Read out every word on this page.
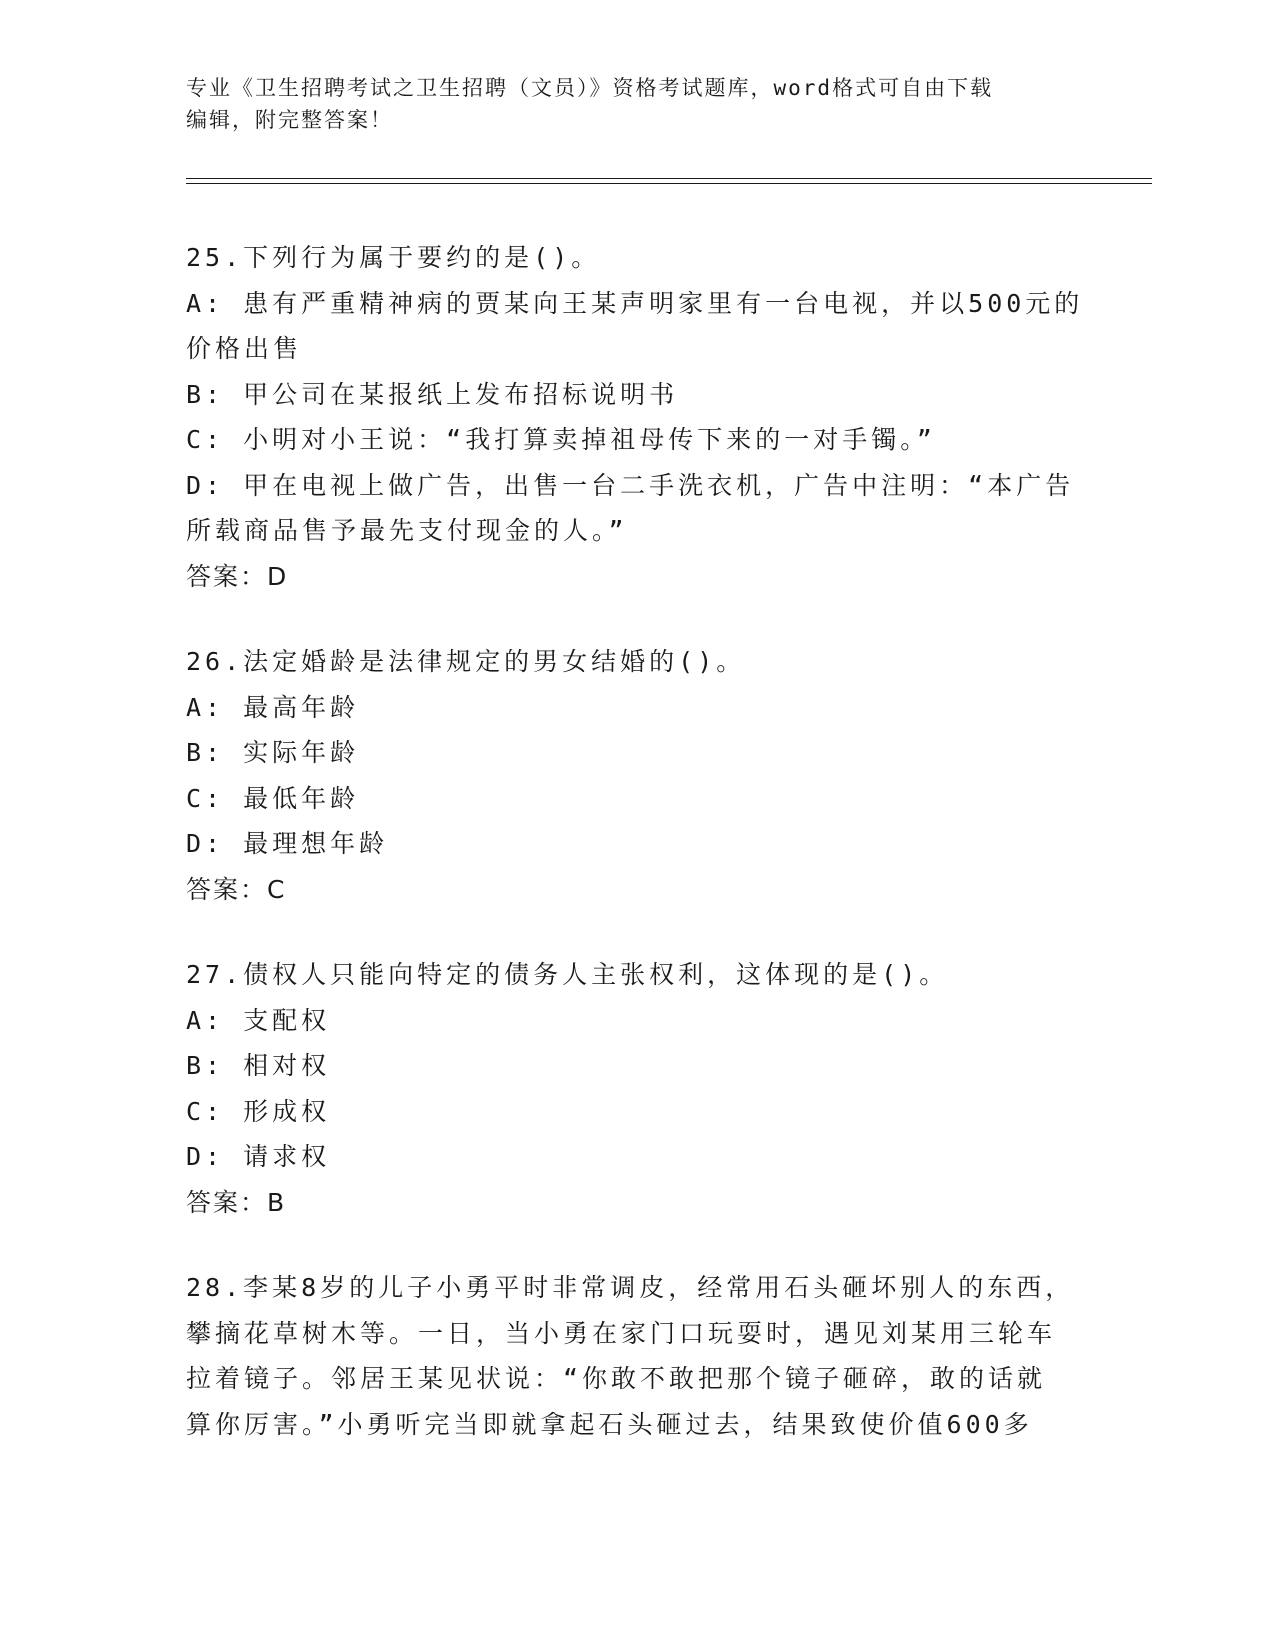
专业《卫生招聘考试之卫生招聘（文员）》资格考试题库，word格式可自由下载
编辑，附完整答案！
25.下列行为属于要约的是()。
A: 患有严重精神病的贾某向王某声明家里有一台电视，并以500元的
价格出售
B: 甲公司在某报纸上发布招标说明书
C: 小明对小王说：“我打算卖掉祖母传下来的一对手镯。”
D: 甲在电视上做广告，出售一台二手洗衣机，广告中注明：“本广告
所载商品售予最先支付现金的人。”
答案：D
26.法定婚龄是法律规定的男女结婚的()。
A: 最高年龄
B: 实际年龄
C: 最低年龄
D: 最理想年龄
答案：C
27.债权人只能向特定的债务人主张权利，这体现的是()。
A: 支配权
B: 相对权
C: 形成权
D: 请求权
答案：B
28.李某8岁的儿子小勇平时非常调皮，经常用石头砸坏别人的东西，
攀摘花草树木等。一日，当小勇在家门口玩耍时，遇见刘某用三轮车
拉着镜子。邻居王某见状说：“你敢不敢把那个镜子砸碎，敢的话就
算你厉害。”小勇听完当即就拿起石头砸过去，结果致使价值600多
